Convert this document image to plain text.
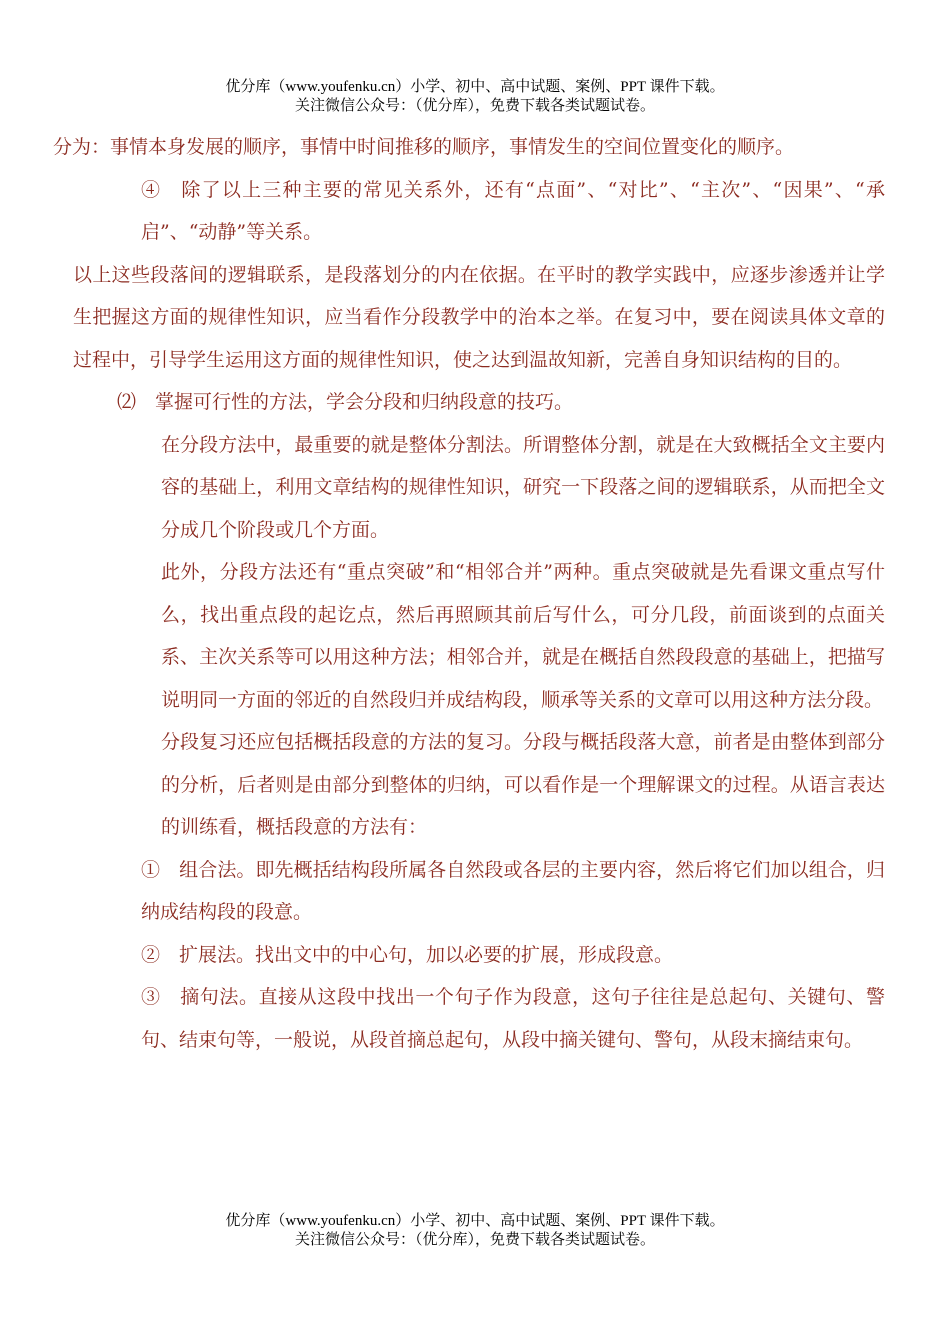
优分库（www.youfenku.cn）小学、初中、高中试题、案例、PPT 课件下载。
关注微信公众号：（优分库），免费下载各类试题试卷。

分为：事情本身发展的顺序，事情中时间推移的顺序，事情发生的空间位置变化的顺序。

④　除了以上三种主要的常见关系外，还有“点面”、“对比”、“主次”、“因果”、“承启”、“动静”等关系。

以上这些段落间的逻辑联系，是段落划分的内在依据。在平时的教学实践中，应逐步渗透并让学生把握这方面的规律性知识，应当看作分段教学中的治本之举。在复习中，要在阅读具体文章的过程中，引导学生运用这方面的规律性知识，使之达到温故知新，完善自身知识结构的目的。

⑵　掌握可行性的方法，学会分段和归纳段意的技巧。

在分段方法中，最重要的就是整体分割法。所谓整体分割，就是在大致概括全文主要内容的基础上，利用文章结构的规律性知识，研究一下段落之间的逻辑联系，从而把全文分成几个阶段或几个方面。

此外，分段方法还有“重点突破”和“相邻合并”两种。重点突破就是先看课文重点写什么，找出重点段的起讫点，然后再照顾其前后写什么，可分几段，前面谈到的点面关系、主次关系等可以用这种方法；相邻合并，就是在概括自然段段意的基础上，把描写说明同一方面的邻近的自然段归并成结构段，顺承等关系的文章可以用这种方法分段。

分段复习还应包括概括段意的方法的复习。分段与概括段落大意，前者是由整体到部分的分析，后者则是由部分到整体的归纳，可以看作是一个理解课文的过程。从语言表达的训练看，概括段意的方法有：

①　组合法。即先概括结构段所属各自然段或各层的主要内容，然后将它们加以组合，归纳成结构段的段意。

②　扩展法。找出文中的中心句，加以必要的扩展，形成段意。

③　摘句法。直接从这段中找出一个句子作为段意，这句子往往是总起句、关键句、警句、结束句等，一般说，从段首摘总起句，从段中摘关键句、警句，从段末摘结束句。

优分库（www.youfenku.cn）小学、初中、高中试题、案例、PPT 课件下载。
关注微信公众号：（优分库），免费下载各类试题试卷。
